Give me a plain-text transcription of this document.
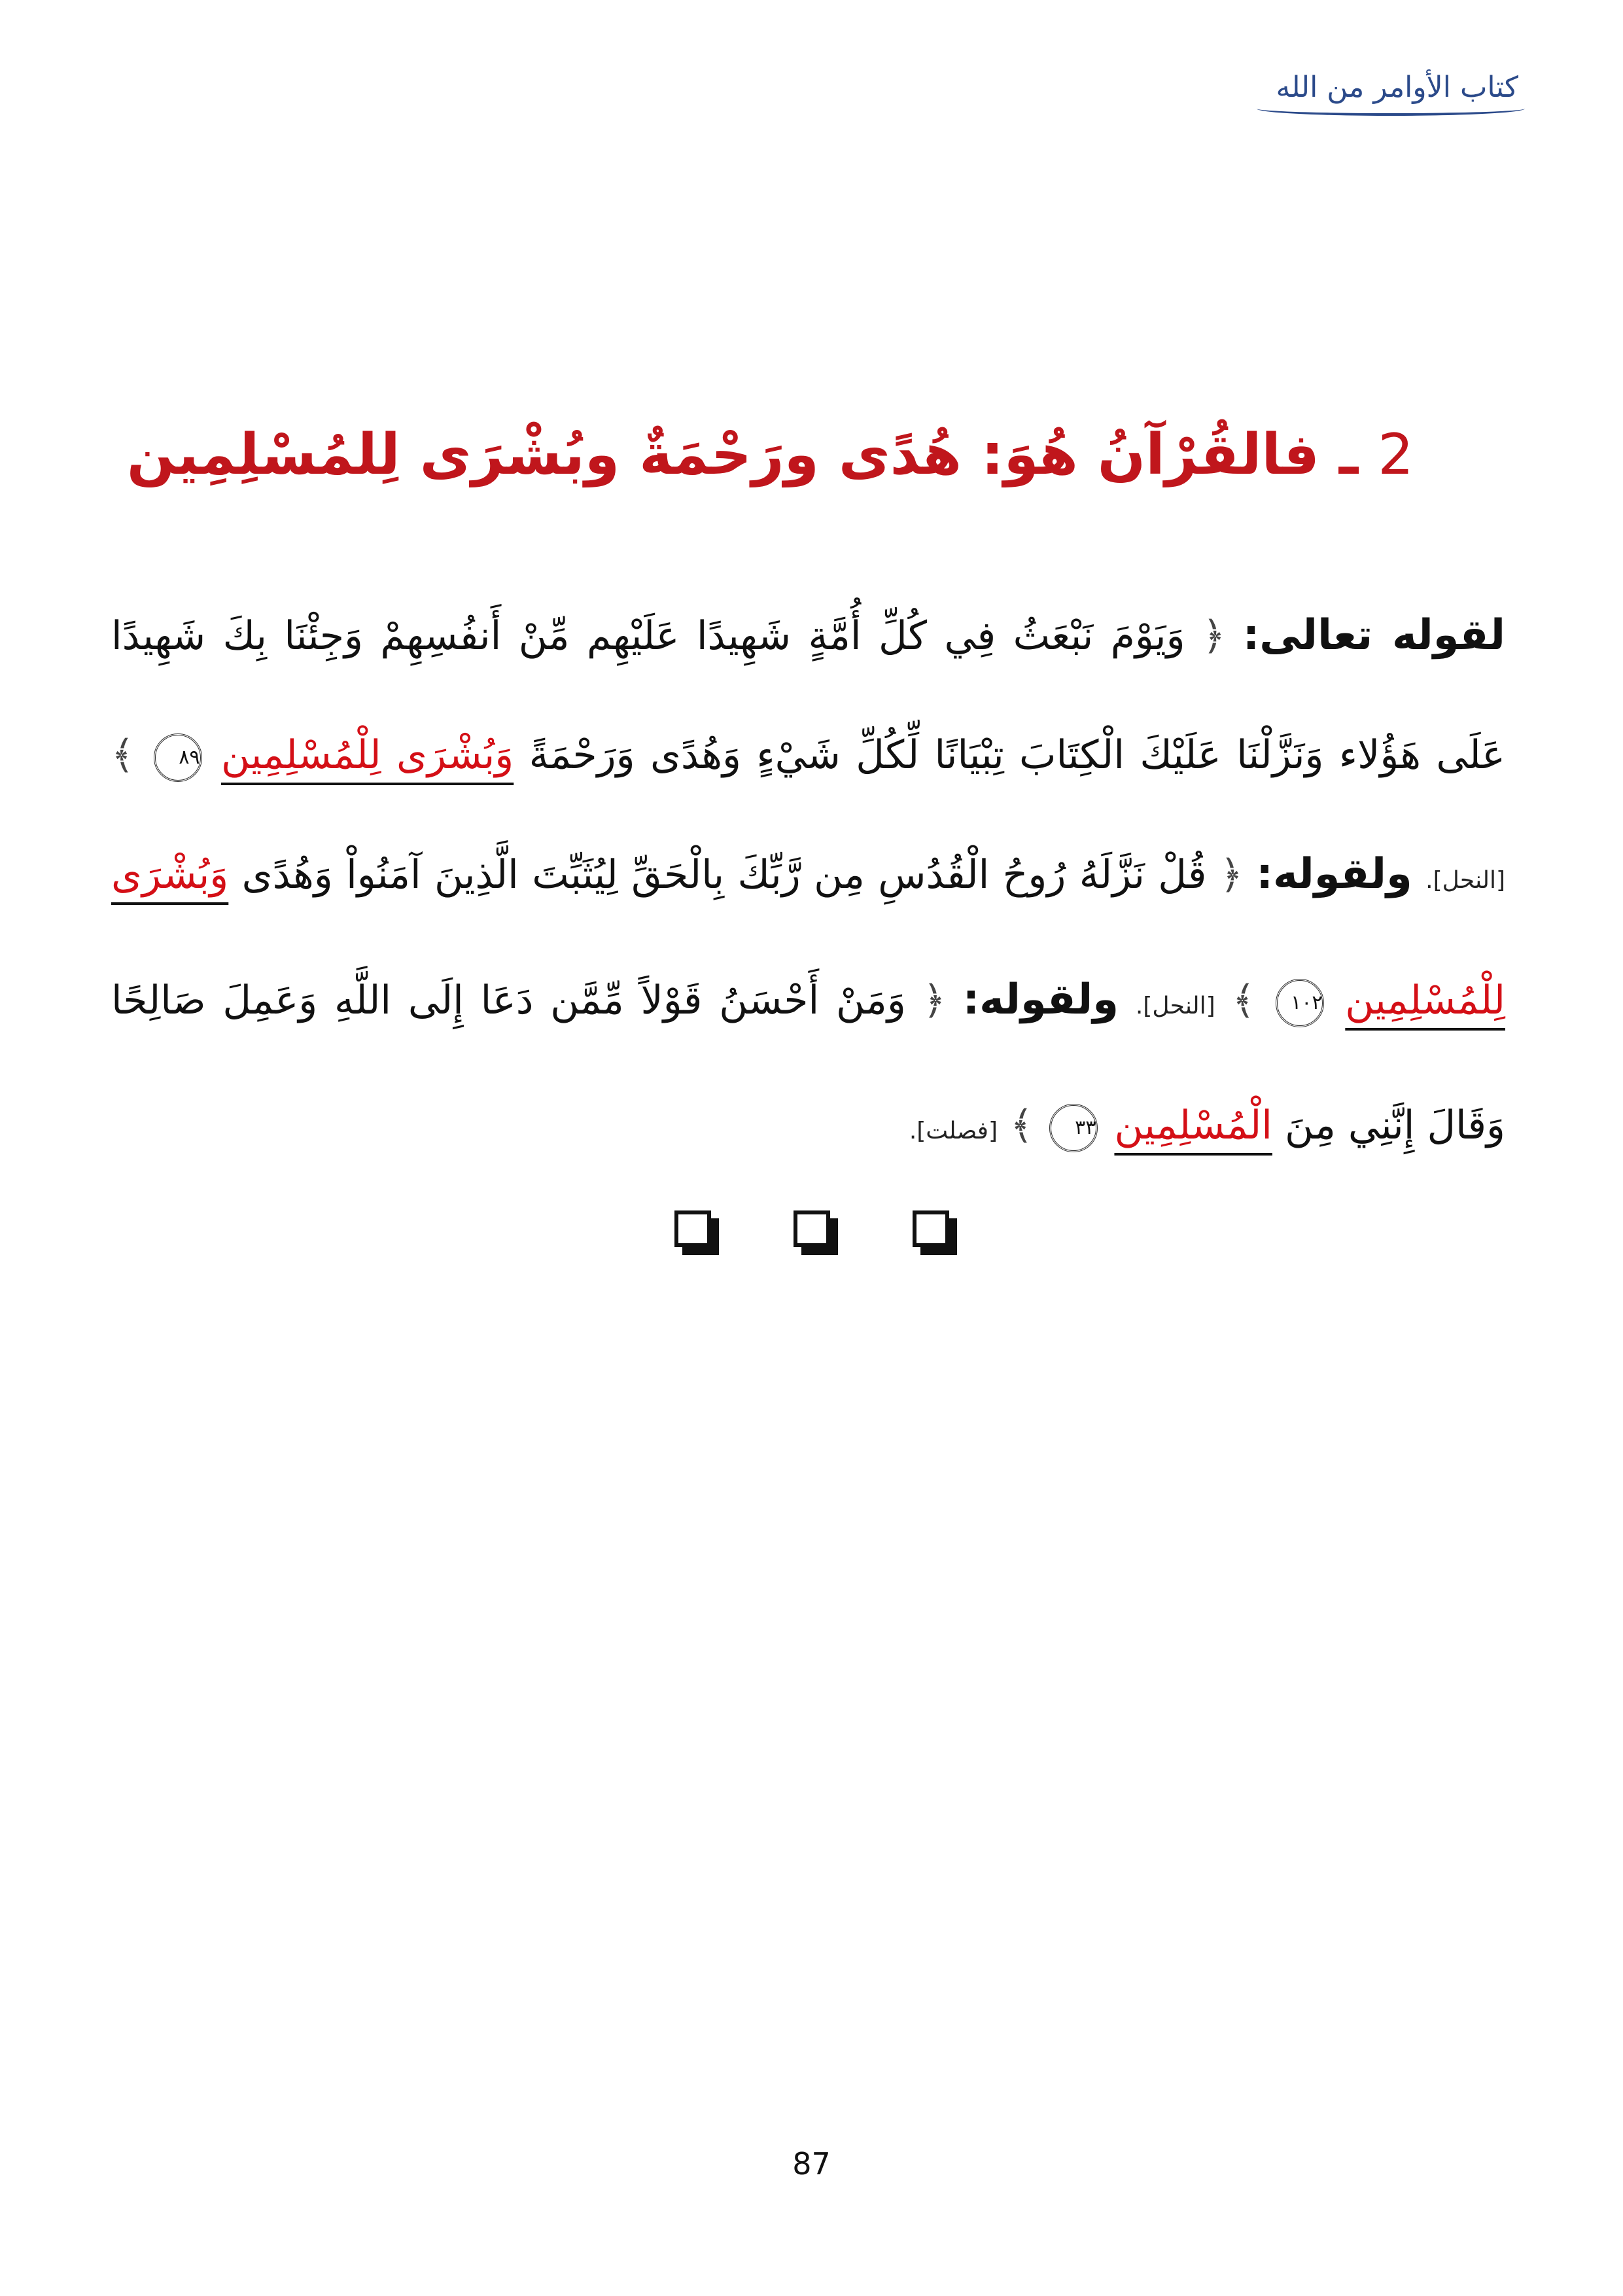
كتاب الأوامر من الله
2 ـ فالقُرْآنُ هُوَ: هُدًى ورَحْمَةٌ وبُشْرَى لِلمُسْلِمِين
لقوله تعالى: ﴿ وَيَوْمَ نَبْعَثُ فِي كُلِّ أُمَّةٍ شَهِيدًا عَلَيْهِم مِّنْ أَنفُسِهِمْ وَجِئْنَا بِكَ شَهِيدًا عَلَى هَؤُلاء وَنَزَّلْنَا عَلَيْكَ الْكِتَابَ تِبْيَانًا لِّكُلِّ شَيْءٍ وَهُدًى وَرَحْمَةً وَبُشْرَى لِلْمُسْلِمِين ٨٩ ﴾ [النحل]. ولقوله: ﴿ قُلْ نَزَّلَهُ رُوحُ الْقُدُسِ مِن رَّبِّكَ بِالْحَقِّ لِيُثَبِّتَ الَّذِينَ آمَنُواْ وَهُدًى وَبُشْرَى لِلْمُسْلِمِين ١٠٢ ﴾ [النحل]. ولقوله: ﴿ وَمَنْ أَحْسَنُ قَوْلاً مِّمَّن دَعَا إِلَى اللَّهِ وَعَمِلَ صَالِحًا وَقَالَ إِنَّنِي مِنَ الْمُسْلِمِين ٣٣ ﴾ [فصلت].
87
